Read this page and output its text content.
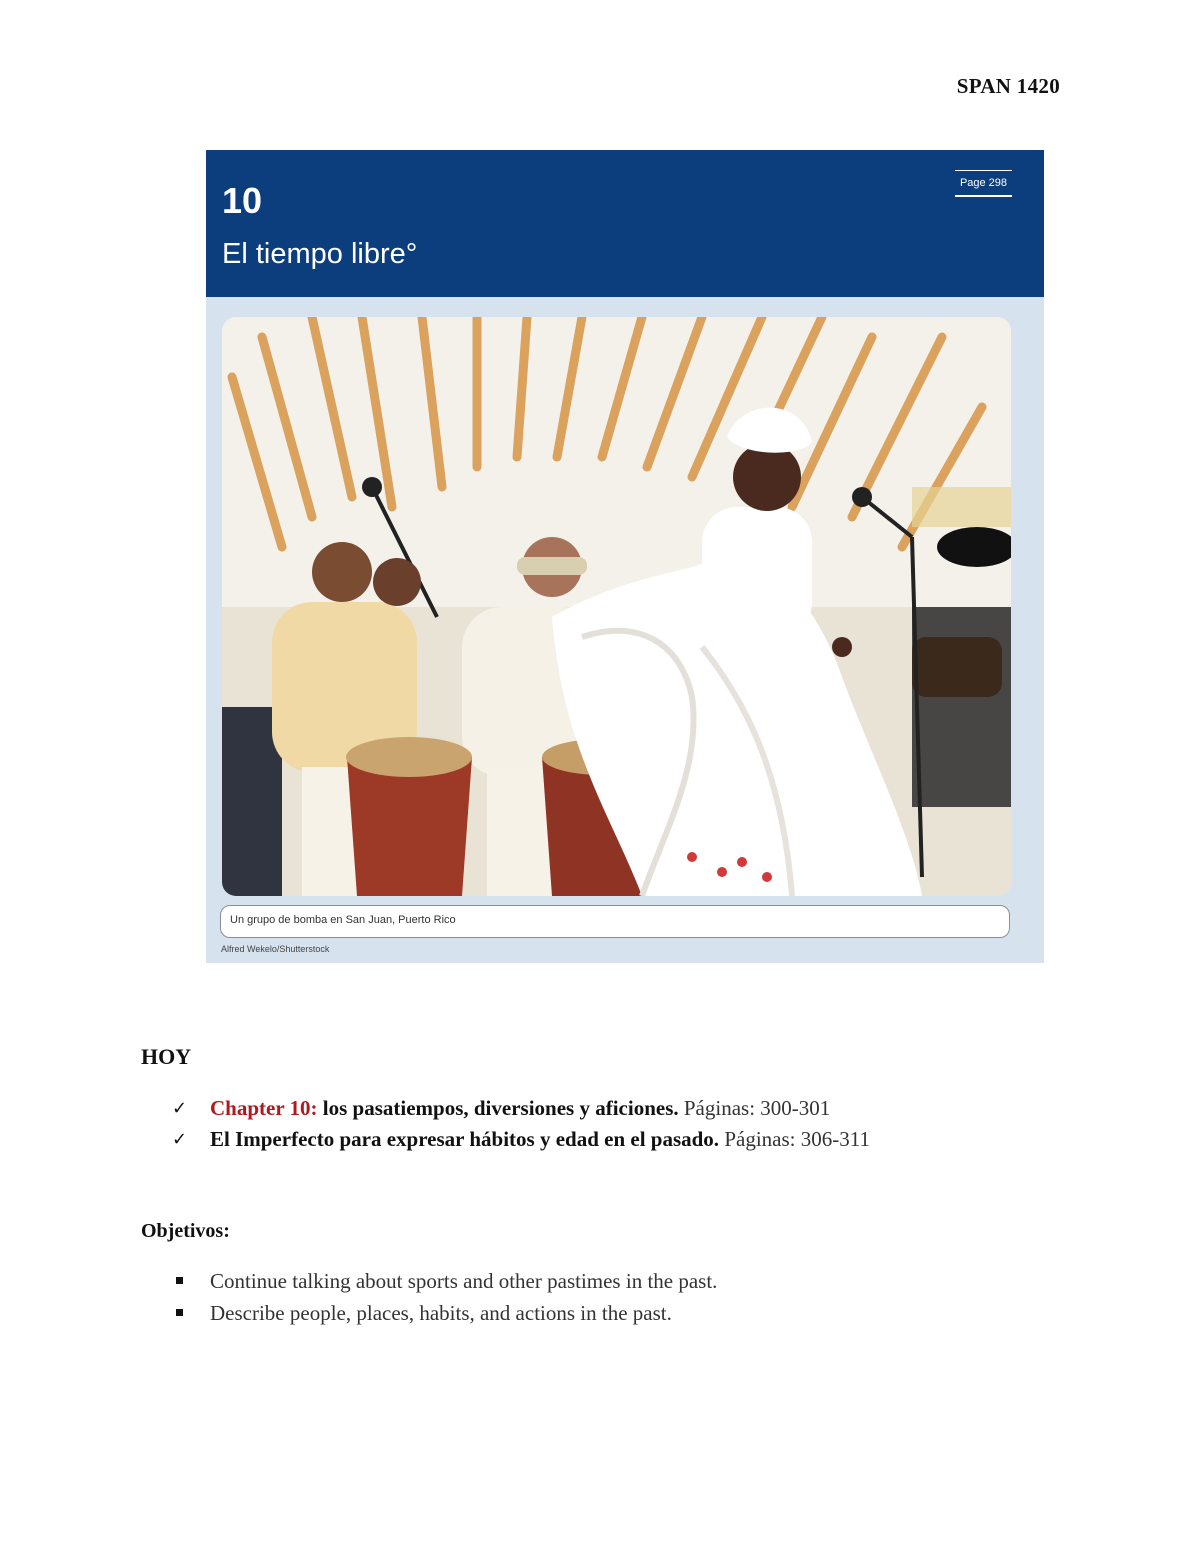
SPAN 1420
10
El tiempo libre°
Page 298
Un grupo de bomba en San Juan, Puerto Rico
Alfred Wekelo/Shutterstock
HOY
✓ Chapter 10: los pasatiempos, diversiones y aficiones. Páginas: 300-301
✓ El Imperfecto para expresar hábitos y edad en el pasado. Páginas: 306-311
Objetivos:
Continue talking about sports and other pastimes in the past.
Describe people, places, habits, and actions in the past.
